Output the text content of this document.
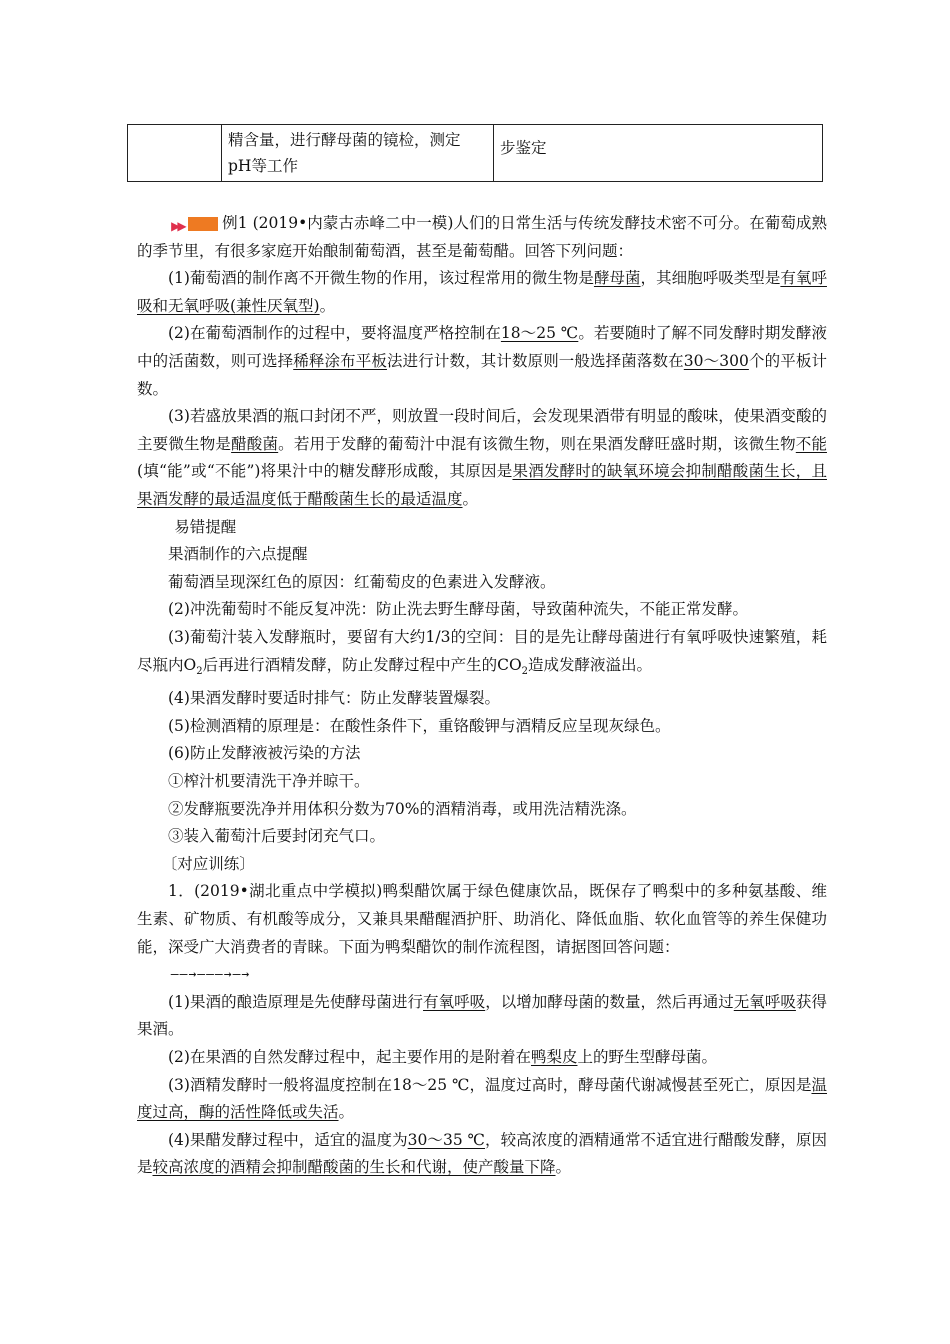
	精含量，进行酵母菌的镜检，测定
pH等工作	步鉴定

▶▶ 例1 (2019•内蒙古赤峰二中一模)人们的日常生活与传统发酵技术密不可分。在葡萄成熟的季节里，有很多家庭开始酿制葡萄酒，甚至是葡萄醋。回答下列问题：

(1)葡萄酒的制作离不开微生物的作用，该过程常用的微生物是酵母菌，其细胞呼吸类型是有氧呼吸和无氧呼吸(兼性厌氧型)。

(2)在葡萄酒制作的过程中，要将温度严格控制在18～25 ℃。若要随时了解不同发酵时期发酵液中的活菌数，则可选择稀释涂布平板法进行计数，其计数原则一般选择菌落数在30～300个的平板计数。

(3)若盛放果酒的瓶口封闭不严，则放置一段时间后，会发现果酒带有明显的酸味，使果酒变酸的主要微生物是醋酸菌。若用于发酵的葡萄汁中混有该微生物，则在果酒发酵旺盛时期，该微生物不能(填“能”或“不能”)将果汁中的糖发酵形成酸，其原因是果酒发酵时的缺氧环境会抑制醋酸菌生长，且果酒发酵的最适温度低于醋酸菌生长的最适温度。

易错提醒

果酒制作的六点提醒

葡萄酒呈现深红色的原因：红葡萄皮的色素进入发酵液。

(2)冲洗葡萄时不能反复冲洗：防止洗去野生酵母菌，导致菌种流失，不能正常发酵。

(3)葡萄汁装入发酵瓶时，要留有大约1/3的空间：目的是先让酵母菌进行有氧呼吸快速繁殖，耗尽瓶内$O_2$后再进行酒精发酵，防止发酵过程中产生的$CO_2$造成发酵液溢出。

(4)果酒发酵时要适时排气：防止发酵装置爆裂。

(5)检测酒精的原理是：在酸性条件下，重铬酸钾与酒精反应呈现灰绿色。

(6)防止发酵液被污染的方法

①榨汁机要清洗干净并晾干。

②发酵瓶要洗净并用体积分数为70%的酒精消毒，或用洗洁精洗涤。

③装入葡萄汁后要封闭充气口。

〔对应训练〕

1．(2019•湖北重点中学模拟)鸭梨醋饮属于绿色健康饮品，既保存了鸭梨中的多种氨基酸、维生素、矿物质、有机酸等成分，又兼具果醋醒酒护肝、助消化、降低血脂、软化血管等的养生保健功能，深受广大消费者的青睐。下面为鸭梨醋饮的制作流程图，请据图回答问题：

——→———→—→

(1)果酒的酿造原理是先使酵母菌进行有氧呼吸，以增加酵母菌的数量，然后再通过无氧呼吸获得果酒。

(2)在果酒的自然发酵过程中，起主要作用的是附着在鸭梨皮上的野生型酵母菌。

(3)酒精发酵时一般将温度控制在18～25 ℃，温度过高时，酵母菌代谢减慢甚至死亡，原因是温度过高，酶的活性降低或失活。

(4)果醋发酵过程中，适宜的温度为30～35 ℃，较高浓度的酒精通常不适宜进行醋酸发酵，原因是较高浓度的酒精会抑制醋酸菌的生长和代谢，使产酸量下降。
